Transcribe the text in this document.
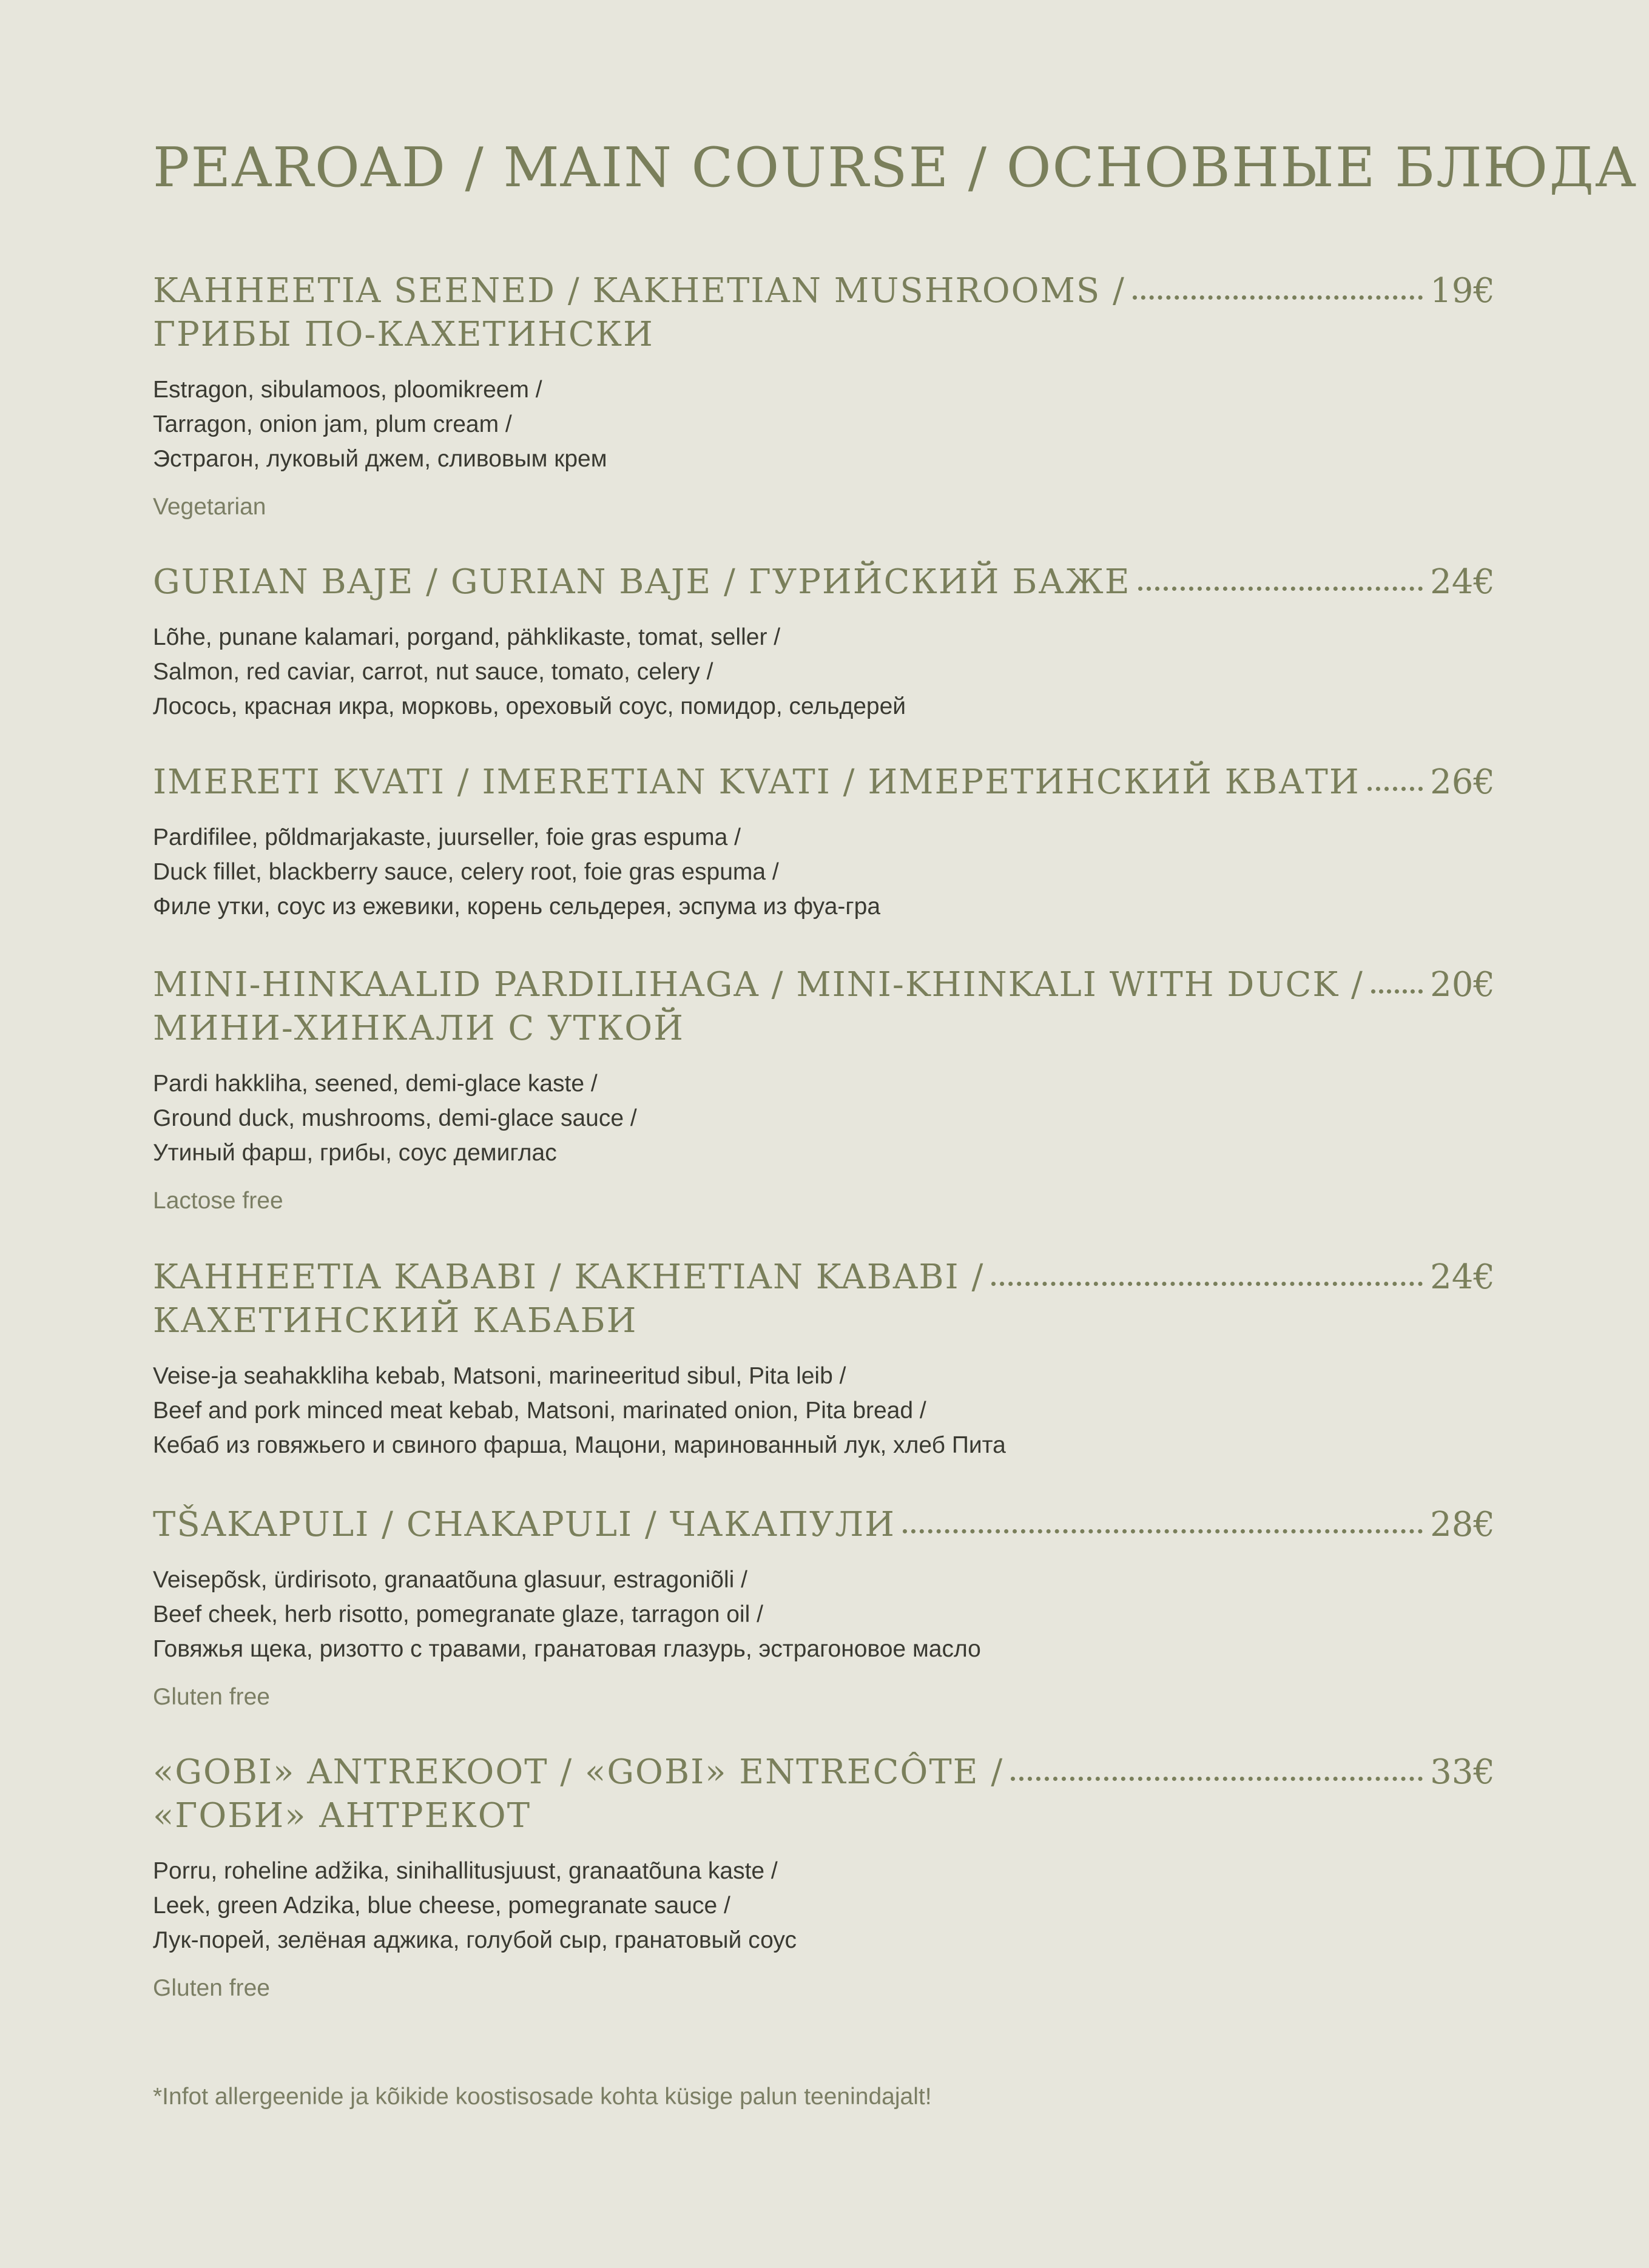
PEAROAD / MAIN COURSE / ОСНОВНЫЕ БЛЮДА
KAHHEETIA SEENED / KAKHETIAN MUSHROOMS /	19€
ГРИБЫ ПО-КАХЕТИНСКИ
Estragon, sibulamoos, ploomikreem /
Tarragon, onion jam, plum cream /
Эстрагон, луковый джем, сливовым крем
Vegetarian
GURIAN BAJE / GURIAN BAJE / ГУРИЙСКИЙ БАЖЕ	24€
Lõhe, punane kalamari, porgand, pähklikaste, tomat, seller /
Salmon, red caviar, carrot, nut sauce, tomato, celery /
Лосось, красная икра, морковь, ореховый соус, помидор, сельдерей
IMERETI KVATI / IMERETIAN KVATI / ИМЕРЕТИНСКИЙ КВАТИ 26€
Pardifilee, põldmarjakaste, juurseller, foie gras espuma /
Duck fillet, blackberry sauce, celery root, foie gras espuma /
Филе утки, соус из ежевики, корень сельдерея, эспума из фуа-гра
MINI-HINKAALID PARDILIHAGA / MINI-KHINKALI WITH DUCK / 20€
МИНИ-ХИНКАЛИ С УТКОЙ
Pardi hakkliha, seened, demi-glace kaste /
Ground duck, mushrooms, demi-glace sauce /
Утиный фарш, грибы, соус демиглас
Lactose free
KAHHEETIA KABABI / KAKHETIAN KABABI /	24€
КАХЕТИНСКИЙ КАБАБИ
Veise-ja seahakkliha kebab, Matsoni, marineeritud sibul, Pita leib /
Beef and pork minced meat kebab, Matsoni, marinated onion, Pita bread /
Кебаб из говяжьего и свиного фарша, Мацони, маринованный лук, хлеб Пита
TŠAKAPULI / CHAKAPULI / ЧАКАПУЛИ	28€
Veisepõsk, ürdirisoto, granaatõuna glasuur, estragoniõli /
Beef cheek, herb risotto, pomegranate glaze, tarragon oil /
Говяжья щека, ризотто с травами, гранатовая глазурь, эстрагоновое масло
Gluten free
«GOBI» ANTREKOOT / «GOBI» ENTRECÔTE /	33€
«ГОБИ» АНТРЕКОТ
Porru, roheline adžika, sinihallitusjuust, granaatõuna kaste /
Leek, green Adzika, blue cheese, pomegranate sauce /
Лук-порей, зелёная аджика, голубой сыр, гранатовый соус
Gluten free
*Infot allergeenide ja kõikide koostisosade kohta küsige palun teenindajalt!
